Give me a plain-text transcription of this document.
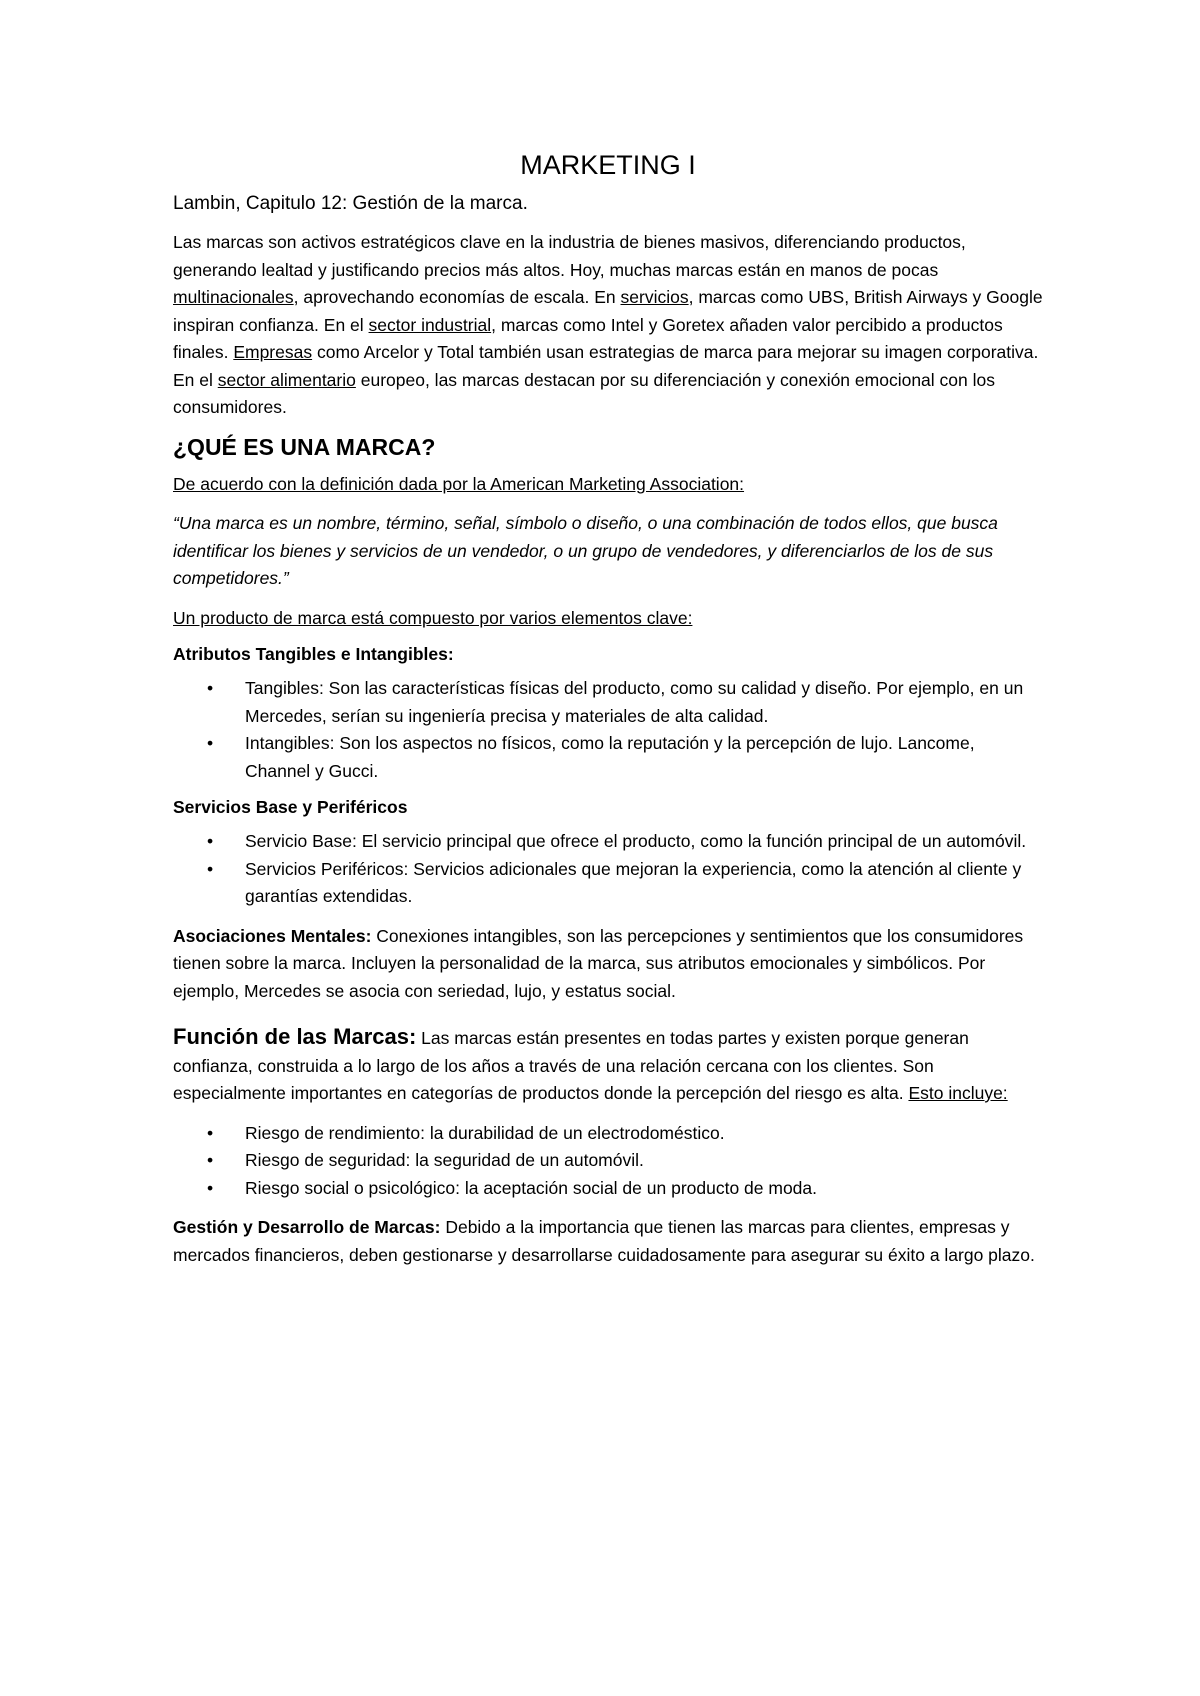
MARKETING I
Lambin, Capitulo 12: Gestión de la marca.

Las marcas son activos estratégicos clave en la industria de bienes masivos, diferenciando productos, generando lealtad y justificando precios más altos. Hoy, muchas marcas están en manos de pocas multinacionales, aprovechando economías de escala. En servicios, marcas como UBS, British Airways y Google inspiran confianza. En el sector industrial, marcas como Intel y Goretex añaden valor percibido a productos finales. Empresas como Arcelor y Total también usan estrategias de marca para mejorar su imagen corporativa. En el sector alimentario europeo, las marcas destacan por su diferenciación y conexión emocional con los consumidores.

¿QUÉ ES UNA MARCA?

De acuerdo con la definición dada por la American Marketing Association:

“Una marca es un nombre, término, señal, símbolo o diseño, o una combinación de todos ellos, que busca identificar los bienes y servicios de un vendedor, o un grupo de vendedores, y diferenciarlos de los de sus competidores.”

Un producto de marca está compuesto por varios elementos clave:

Atributos Tangibles e Intangibles:
• Tangibles: Son las características físicas del producto, como su calidad y diseño. Por ejemplo, en un Mercedes, serían su ingeniería precisa y materiales de alta calidad.
• Intangibles: Son los aspectos no físicos, como la reputación y la percepción de lujo. Lancome, Channel y Gucci.
Servicios Base y Periféricos
• Servicio Base: El servicio principal que ofrece el producto, como la función principal de un automóvil.
• Servicios Periféricos: Servicios adicionales que mejoran la experiencia, como la atención al cliente y garantías extendidas.

Asociaciones Mentales: Conexiones intangibles, son las percepciones y sentimientos que los consumidores tienen sobre la marca. Incluyen la personalidad de la marca, sus atributos emocionales y simbólicos. Por ejemplo, Mercedes se asocia con seriedad, lujo, y estatus social.

Función de las Marcas: Las marcas están presentes en todas partes y existen porque generan confianza, construida a lo largo de los años a través de una relación cercana con los clientes. Son especialmente importantes en categorías de productos donde la percepción del riesgo es alta. Esto incluye:

• Riesgo de rendimiento: la durabilidad de un electrodoméstico.
• Riesgo de seguridad: la seguridad de un automóvil.
• Riesgo social o psicológico: la aceptación social de un producto de moda.

Gestión y Desarrollo de Marcas: Debido a la importancia que tienen las marcas para clientes, empresas y mercados financieros, deben gestionarse y desarrollarse cuidadosamente para asegurar su éxito a largo plazo.
